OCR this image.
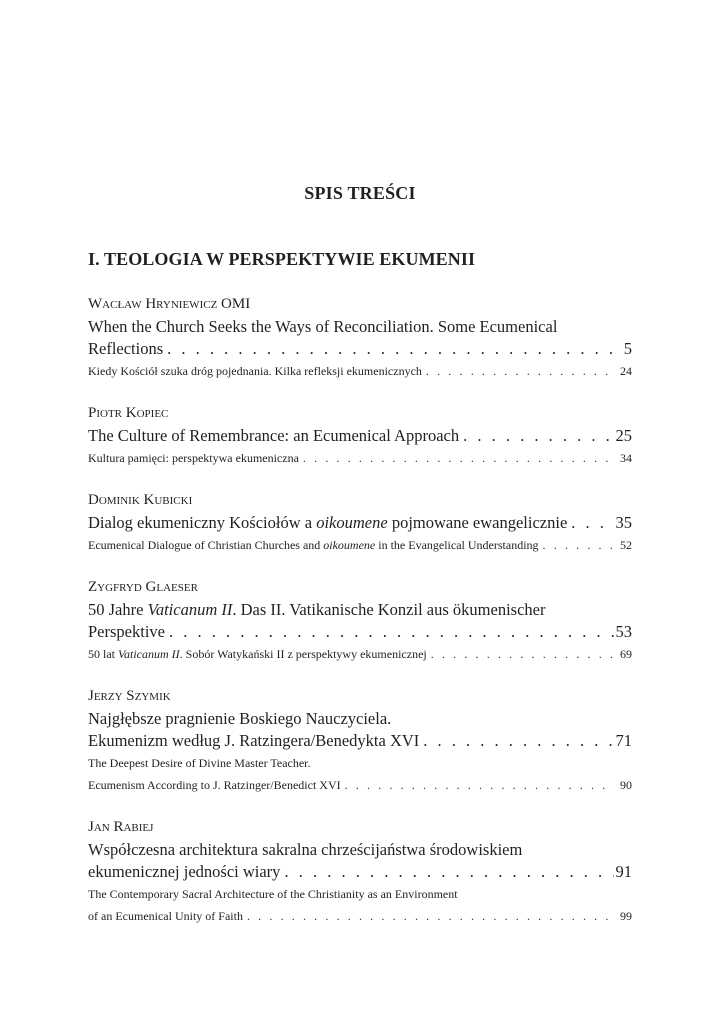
SPIS TREŚCI
I. TEOLOGIA W PERSPEKTYWIE EKUMENII
Wacław Hryniewicz OMI
When the Church Seeks the Ways of Reconciliation. Some Ecumenical
Reflections . . .	5
Kiedy Kościół szuka dróg pojednania. Kilka refleksji ekumenicznych . . .	24
Piotr Kopiec
The Culture of Remembrance: an Ecumenical Approach . . .	25
Kultura pamięci: perspektywa ekumeniczna . . .	34
Dominik Kubicki
Dialog ekumeniczny Kościołów a oikoumene pojmowane ewangelicznie . . .	35
Ecumenical Dialogue of Christian Churches and oikoumene in the Evangelical Understanding . . .	52
Zygfryd Glaeser
50 Jahre Vaticanum II. Das II. Vatikanische Konzil aus ökumenischer
Perspektive . . .	53
50 lat Vaticanum II. Sobór Watykański II z perspektywy ekumenicznej . . .	69
Jerzy Szymik
Najgłębsze pragnienie Boskiego Nauczyciela.
Ekumenizm według J. Ratzingera/Benedykta XVI . . .	71
The Deepest Desire of Divine Master Teacher.
Ecumenism According to J. Ratzinger/Benedict XVI . . .	90
Jan Rabiej
Współczesna architektura sakralna chrześcijaństwa środowiskiem
ekumenicznej jedności wiary . . .	91
The Contemporary Sacral Architecture of the Christianity as an Environment
of an Ecumenical Unity of Faith . . .	99
